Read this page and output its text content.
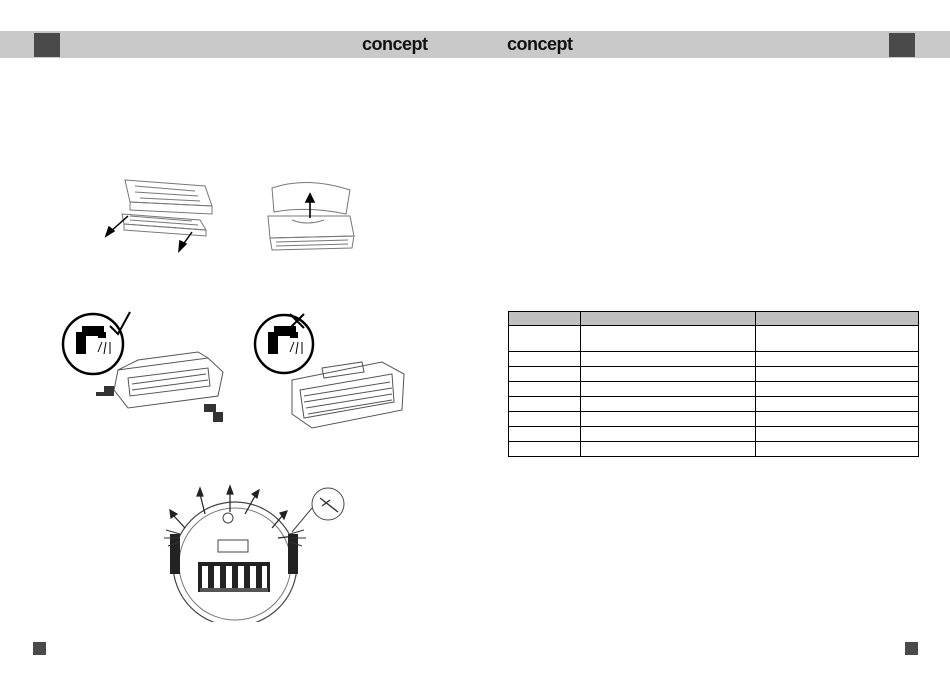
concept	concept
